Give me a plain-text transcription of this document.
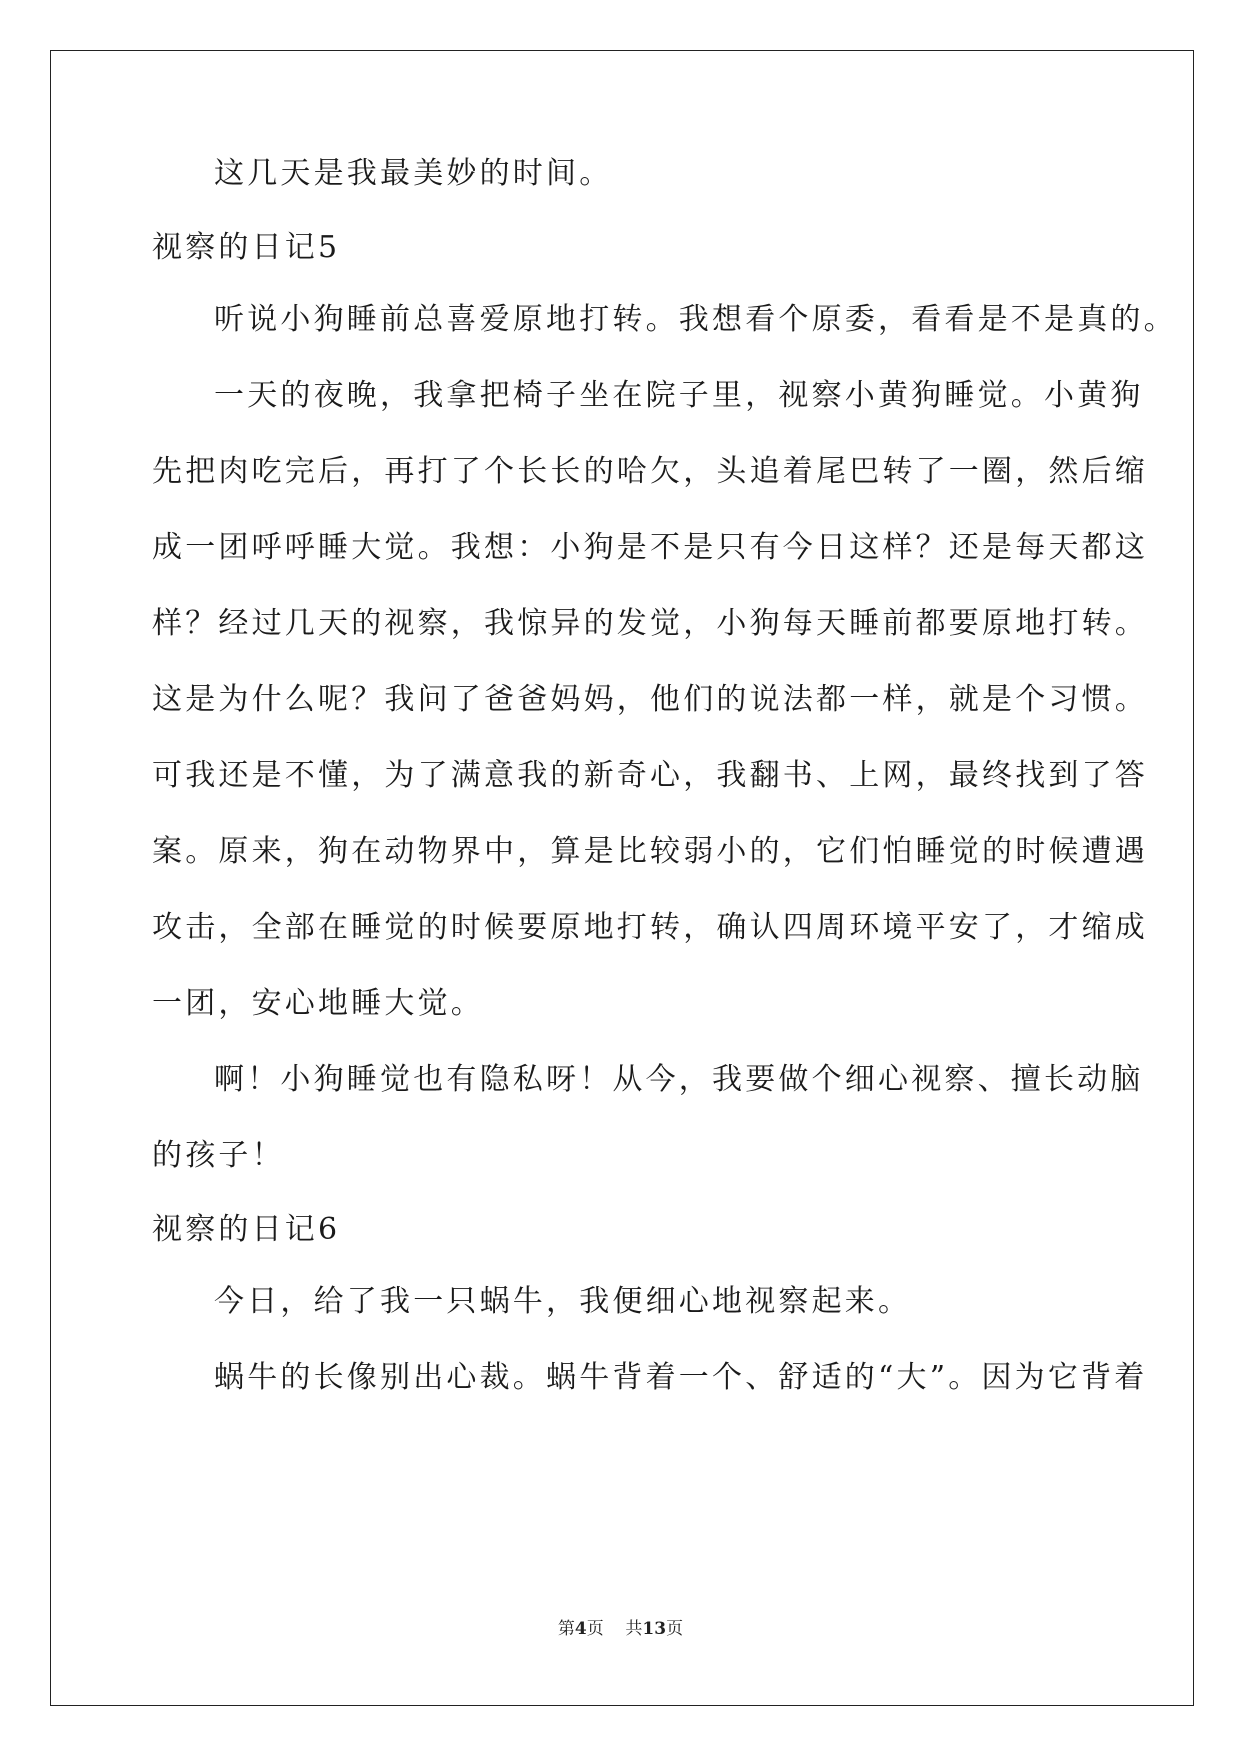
这几天是我最美妙的时间。
视察的日记5
听说小狗睡前总喜爱原地打转。我想看个原委，看看是不是真的。
一天的夜晚，我拿把椅子坐在院子里，视察小黄狗睡觉。小黄狗
先把肉吃完后，再打了个长长的哈欠，头追着尾巴转了一圈，然后缩
成一团呼呼睡大觉。我想：小狗是不是只有今日这样？还是每天都这
样？经过几天的视察，我惊异的发觉，小狗每天睡前都要原地打转。
这是为什么呢？我问了爸爸妈妈，他们的说法都一样，就是个习惯。
可我还是不懂，为了满意我的新奇心，我翻书、上网，最终找到了答
案。原来，狗在动物界中，算是比较弱小的，它们怕睡觉的时候遭遇
攻击，全部在睡觉的时候要原地打转，确认四周环境平安了，才缩成
一团，安心地睡大觉。
啊！小狗睡觉也有隐私呀！从今，我要做个细心视察、擅长动脑
的孩子！
视察的日记6
今日，给了我一只蜗牛，我便细心地视察起来。
蜗牛的长像别出心裁。蜗牛背着一个、舒适的“大”。因为它背着
第4页 共13页
